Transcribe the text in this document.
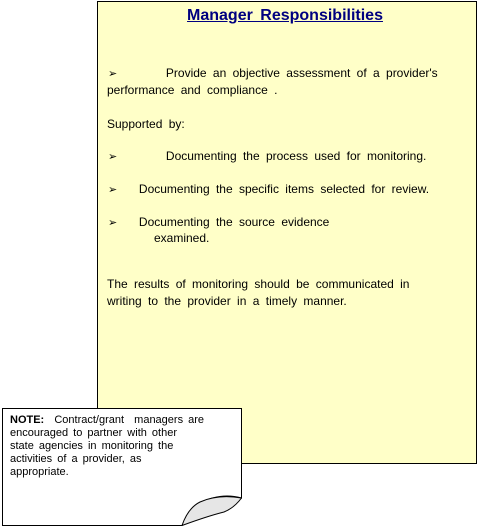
Manager Responsibilities
➢	Provide an objective assessment of a provider's
performance and compliance .
Supported by:
➢	Documenting the process used for monitoring.
➢ Documenting the specific items selected for review.
➢ Documenting the source evidence
examined.
The results of monitoring should be communicated in
writing to the provider in a timely manner.
NOTE:  Contract/grant  managers are
encouraged to partner with other
state agencies in monitoring the
activities of a provider, as
appropriate.
